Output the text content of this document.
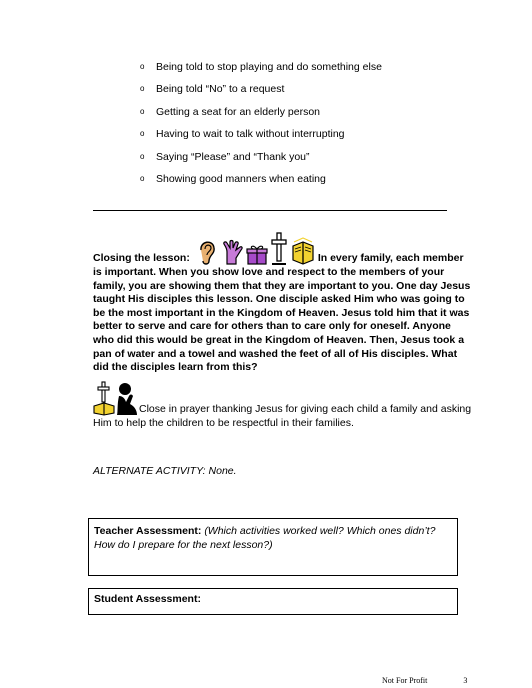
o Being told to stop playing and do something else
o Being told “No” to a request
o Getting a seat for an elderly person
o Having to wait to talk without interrupting
o Saying “Please” and “Thank you”
o Showing good manners when eating
Closing the lesson:	In every family, each member
is important. When you show love and respect to the members of your family, you are showing them that they are important to you. One day Jesus taught His disciples this lesson. One disciple asked Him who was going to be the most important in the Kingdom of Heaven. Jesus told him that it was better to serve and care for others than to care only for oneself. Anyone who did this would be great in the Kingdom of Heaven. Then, Jesus took a pan of water and a towel and washed the feet of all of His disciples. What did the disciples learn from this?
Close in prayer thanking Jesus for giving each child a family and asking
Him to help the children to be respectful in their families.
ALTERNATE ACTIVITY: None.
Teacher Assessment: (Which activities worked well? Which ones didn’t? How do I prepare for the next lesson?)
Student Assessment:
Not For Profit	3
